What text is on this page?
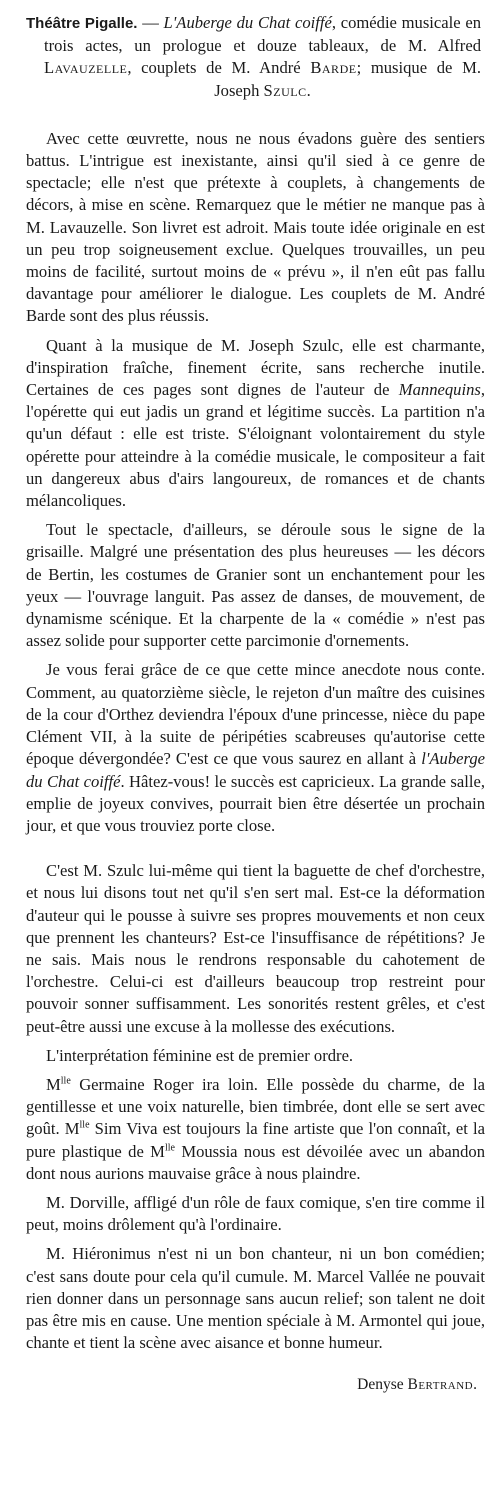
Théâtre Pigalle. — L'Auberge du Chat coiffé, comédie musicale en trois actes, un prologue et douze tableaux, de M. Alfred Lavauzelle, couplets de M. André Barde; musique de M. Joseph Szulc.

Avec cette œuvrette, nous ne nous évadons guère des sentiers battus. L'intrigue est inexistante, ainsi qu'il sied à ce genre de spectacle; elle n'est que prétexte à couplets, à changements de décors, à mise en scène. Remarquez que le métier ne manque pas à M. Lavauzelle. Son livret est adroit. Mais toute idée originale en est un peu trop soigneusement exclue. Quelques trouvailles, un peu moins de facilité, surtout moins de « prévu », il n'en eût pas fallu davantage pour améliorer le dialogue. Les couplets de M. André Barde sont des plus réussis.

Quant à la musique de M. Joseph Szulc, elle est charmante, d'inspiration fraîche, finement écrite, sans recherche inutile. Certaines de ces pages sont dignes de l'auteur de Mannequins, l'opérette qui eut jadis un grand et légitime succès. La partition n'a qu'un défaut : elle est triste. S'éloignant volontairement du style opérette pour atteindre à la comédie musicale, le compositeur a fait un dangereux abus d'airs langoureux, de romances et de chants mélancoliques.

Tout le spectacle, d'ailleurs, se déroule sous le signe de la grisaille. Malgré une présentation des plus heureuses — les décors de Bertin, les costumes de Granier sont un enchantement pour les yeux — l'ouvrage languit. Pas assez de danses, de mouvement, de dynamisme scénique. Et la charpente de la « comédie » n'est pas assez solide pour supporter cette parcimonie d'ornements.

Je vous ferai grâce de ce que cette mince anecdote nous conte. Comment, au quatorzième siècle, le rejeton d'un maître des cuisines de la cour d'Orthez deviendra l'époux d'une princesse, nièce du pape Clément VII, à la suite de péripéties scabreuses qu'autorise cette époque dévergondée? C'est ce que vous saurez en allant à l'Auberge du Chat coiffé. Hâtez-vous! le succès est capricieux. La grande salle, emplie de joyeux convives, pourrait bien être désertée un prochain jour, et que vous trouviez porte close.

C'est M. Szulc lui-même qui tient la baguette de chef d'orchestre, et nous lui disons tout net qu'il s'en sert mal. Est-ce la déformation d'auteur qui le pousse à suivre ses propres mouvements et non ceux que prennent les chanteurs? Est-ce l'insuffisance de répétitions? Je ne sais. Mais nous le rendrons responsable du cahotement de l'orchestre. Celui-ci est d'ailleurs beaucoup trop restreint pour pouvoir sonner suffisamment. Les sonorités restent grêles, et c'est peut-être aussi une excuse à la mollesse des exécutions.

L'interprétation féminine est de premier ordre.

$M^{lle}$ Germaine Roger ira loin. Elle possède du charme, de la gentillesse et une voix naturelle, bien timbrée, dont elle se sert avec goût. $M^{lle}$ Sim Viva est toujours la fine artiste que l'on connaît, et la pure plastique de $M^{lle}$ Moussia nous est dévoilée avec un abandon dont nous aurions mauvaise grâce à nous plaindre.

M. Dorville, affligé d'un rôle de faux comique, s'en tire comme il peut, moins drôlement qu'à l'ordinaire.

M. Hiéronimus n'est ni un bon chanteur, ni un bon comédien; c'est sans doute pour cela qu'il cumule. M. Marcel Vallée ne pouvait rien donner dans un personnage sans aucun relief; son talent ne doit pas être mis en cause. Une mention spéciale à M. Armontel qui joue, chante et tient la scène avec aisance et bonne humeur.

Denyse Bertrand.
